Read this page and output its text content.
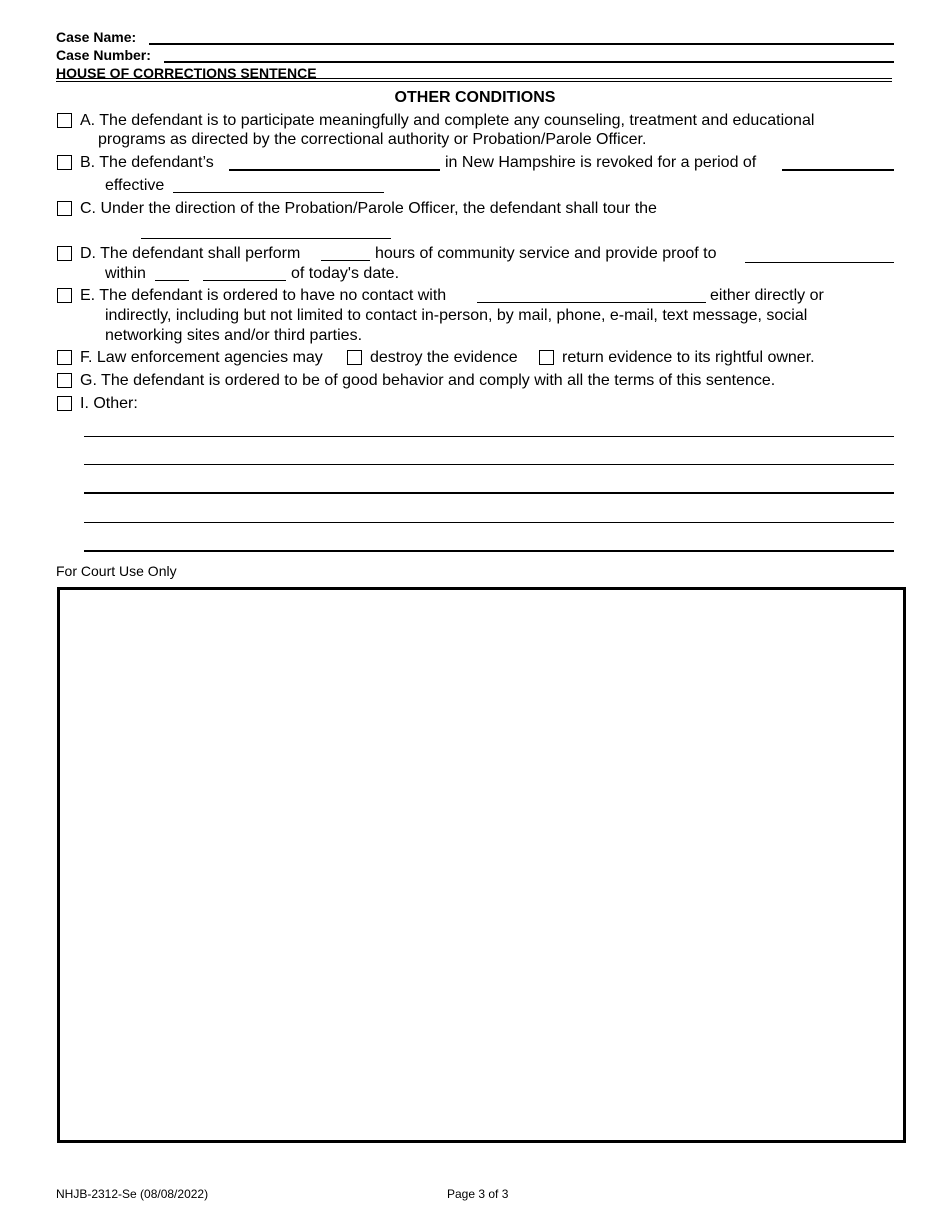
Case Name:
Case Number:
HOUSE OF CORRECTIONS SENTENCE
OTHER CONDITIONS
A. The defendant is to participate meaningfully and complete any counseling, treatment and educational
programs as directed by the correctional authority or Probation/Parole Officer.
B. The defendant’s	in New Hampshire is revoked for a period of
effective
C. Under the direction of the Probation/Parole Officer, the defendant shall tour the
D. The defendant shall perform	hours of community service and provide proof to
within	of today's date.
E. The defendant is ordered to have no contact with	either directly or
indirectly, including but not limited to contact in-person, by mail, phone, e-mail, text message, social
networking sites and/or third parties.
F. Law enforcement agencies may	destroy the evidence	return evidence to its rightful owner.
G. The defendant is ordered to be of good behavior and comply with all the terms of this sentence.
I. Other:
For Court Use Only
NHJB-2312-Se (08/08/2022)	Page 3 of 3
